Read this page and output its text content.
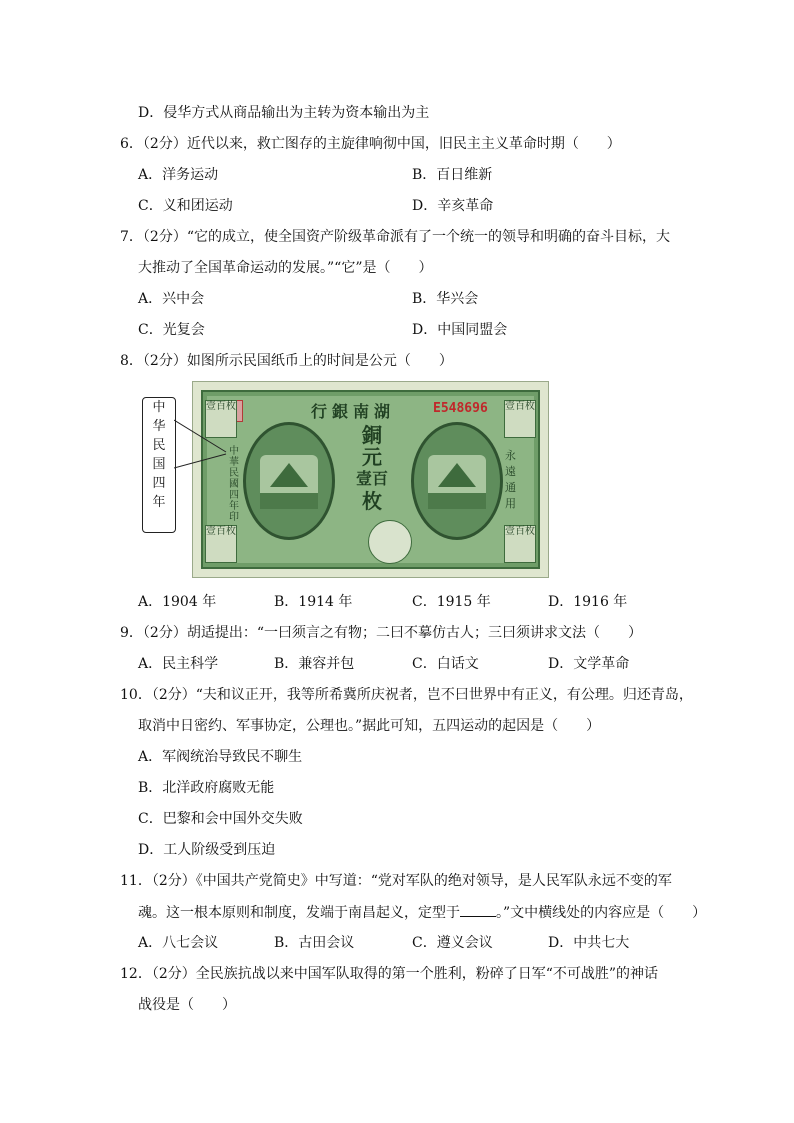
D．侵华方式从商品输出为主转为资本输出为主
6．（2分）近代以来，救亡图存的主旋律响彻中国，旧民主主义革命时期（　　）
A．洋务运动	B．百日维新
C．义和团运动	D．辛亥革命
7．（2分）“它的成立，使全国资产阶级革命派有了一个统一的领导和明确的奋斗目标，大
大推动了全国革命运动的发展。”“它”是（　　）
A．兴中会	B．华兴会
C．光复会	D．中国同盟会
8．（2分）如图所示民国纸币上的时间是公元（　　）
行銀南湖	E548696
壹百枚	壹百枚
壹百枚	壹百枚
中華民國四年印
銅
元
壹百
枚
永遠通用
中
华
民
国
四
年
A．1904 年	B．1914 年	C．1915 年	D．1916 年
9．（2分）胡适提出：“一曰须言之有物；二曰不摹仿古人；三曰须讲求文法（　　）
A．民主科学	B．兼容并包	C．白话文	D．文学革命
10．（2分）“夫和议正开，我等所希冀所庆祝者，岂不曰世界中有正义，有公理。归还青岛，
取消中日密约、军事协定，公理也。”据此可知，五四运动的起因是（　　）
A．军阀统治导致民不聊生
B．北洋政府腐败无能
C．巴黎和会中国外交失败
D．工人阶级受到压迫
11．（2分）《中国共产党简史》中写道：“党对军队的绝对领导，是人民军队永远不变的军
魂。这一根本原则和制度，发端于南昌起义，定型于	。”文中横线处的内容应是（　　）
A．八七会议	B．古田会议	C．遵义会议	D．中共七大
12．（2分）全民族抗战以来中国军队取得的第一个胜利，粉碎了日军“不可战胜”的神话
战役是（　　）
